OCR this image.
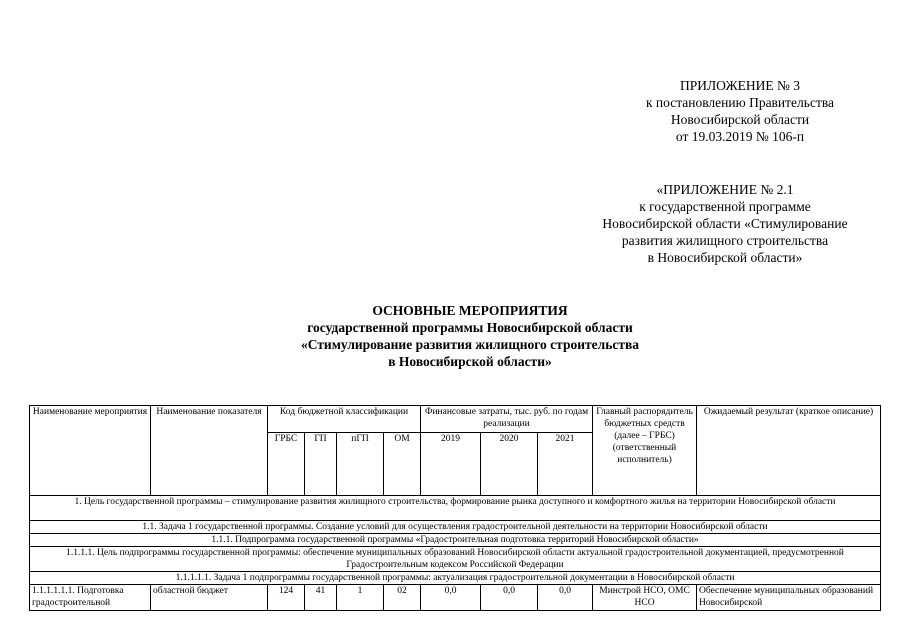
ПРИЛОЖЕНИЕ № 3
к постановлению Правительства
Новосибирской области
от 19.03.2019 № 106-п
«ПРИЛОЖЕНИЕ № 2.1
к государственной программе
Новосибирской области «Стимулирование
развития жилищного строительства
в Новосибирской области»
ОСНОВНЫЕ МЕРОПРИЯТИЯ
государственной программы Новосибирской области
«Стимулирование развития жилищного строительства
в Новосибирской области»
Наименование мероприятия	Наименование показателя	Код бюджетной классификации				Финансовые затраты, тыс. руб. по годам реализации			Главный распорядитель бюджетных средств (далее – ГРБС) (ответственный исполнитель)	Ожидаемый результат (краткое описание)
		ГРБС	ГП	пГП	ОМ	2019	2020	2021		
1. Цель государственной программы – стимулирование развития жилищного строительства, формирование рынка доступного и комфортного жилья на территории Новосибирской области										
1.1. Задача 1 государственной программы. Создание условий для осуществления градостроительной деятельности на территории Новосибирской области										
1.1.1. Подпрограмма государственной программы «Градостроительная подготовка территорий Новосибирской области»										
1.1.1.1. Цель подпрограммы государственной программы: обеспечение муниципальных образований Новосибирской области актуальной градостроительной документацией, предусмотренной Градостроительным кодексом Российской Федерации										
1.1.1.1.1. Задача 1 подпрограммы государственной программы: актуализация градостроительной документации в Новосибирской области										
1.1.1.1.1.1. Подготовка градостроительной	областной бюджет	124	41	1	02	0,0	0,0	0,0	Минстрой НСО, ОМС НСО	Обеспечение муниципальных образований Новосибирской
